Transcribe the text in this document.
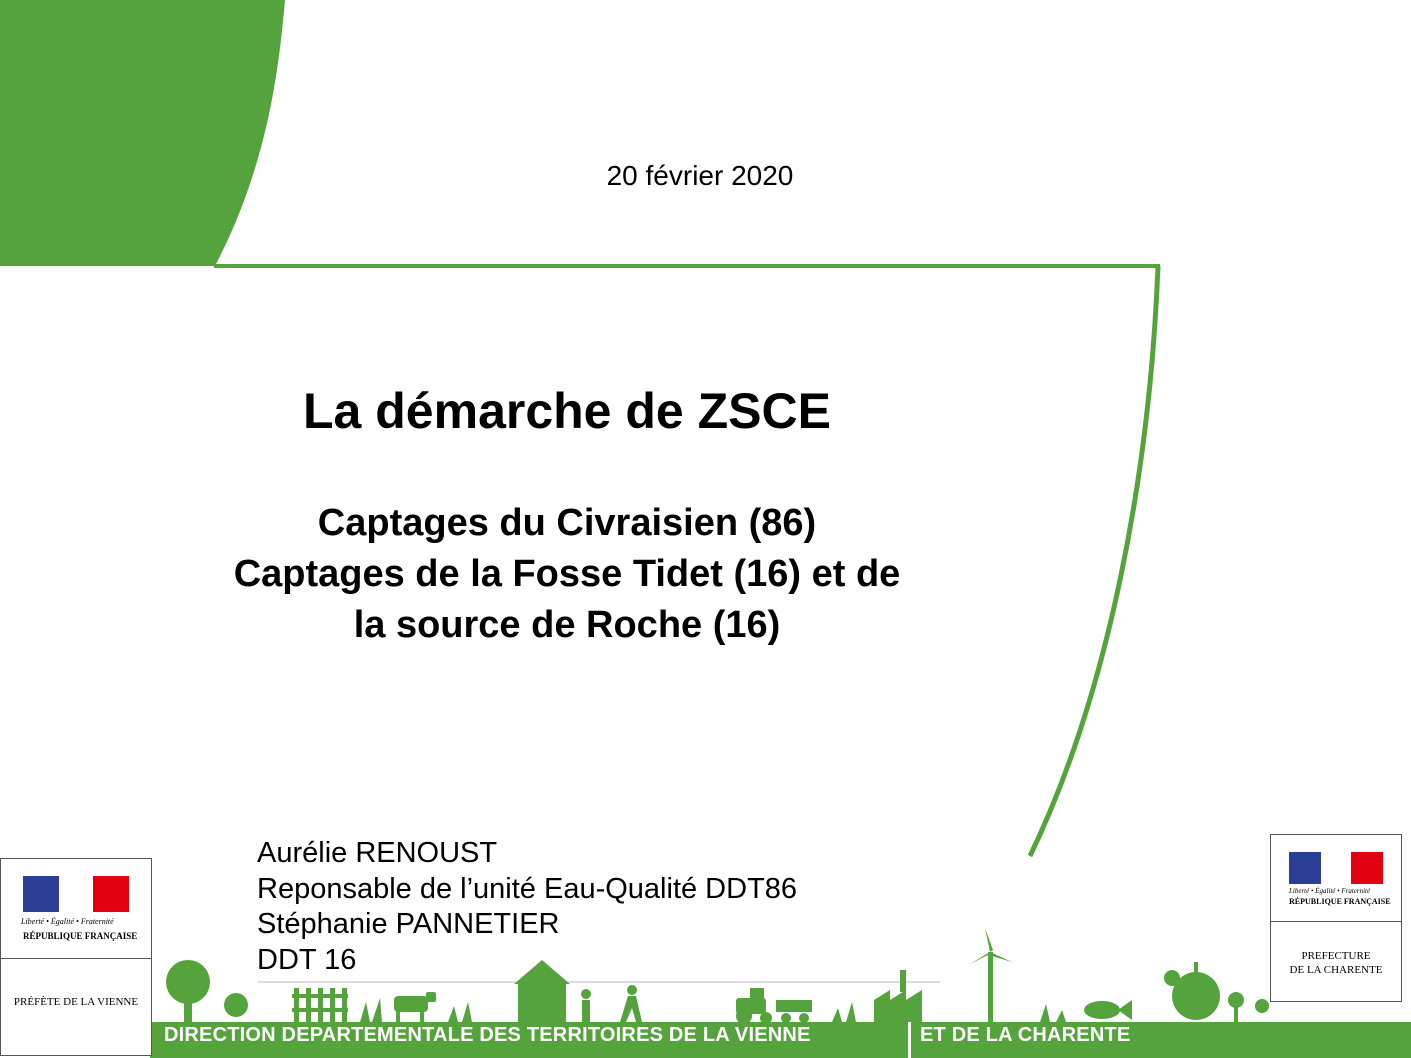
20 février 2020
La démarche de ZSCE
Captages du Civraisien (86)
Captages de la Fosse Tidet (16) et de
la source de Roche (16)
Aurélie RENOUST
Reponsable de l’unité Eau-Qualité DDT86
Stéphanie PANNETIER
DDT 16
Liberté • Égalité • Fraternité
RÉPUBLIQUE FRANÇAISE
PRÉFÈTE DE LA VIENNE
Liberté • Égalité • Fraternité
RÉPUBLIQUE FRANÇAISE
PREFECTURE
DE LA CHARENTE
DIRECTION DEPARTEMENTALE DES TERRITOIRES DE LA VIENNE	ET DE LA CHARENTE
